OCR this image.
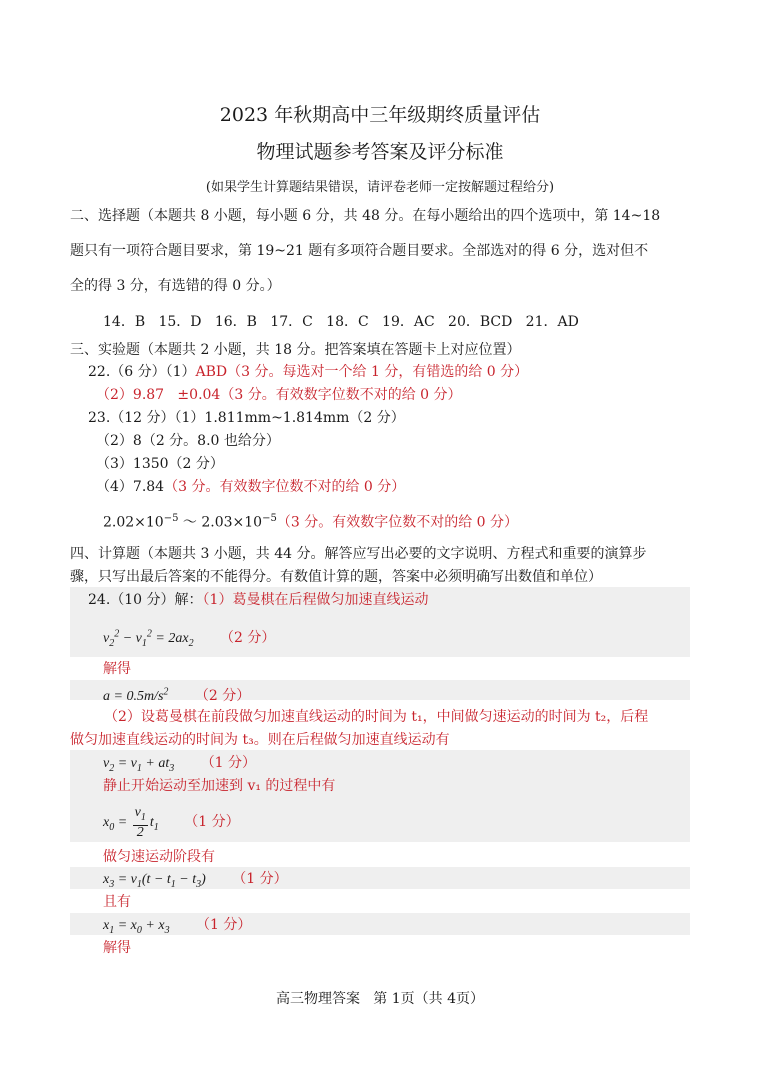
2023 年秋期高中三年级期终质量评估
物理试题参考答案及评分标准
(如果学生计算题结果错误，请评卷老师一定按解题过程给分)
二、选择题（本题共 8 小题，每小题 6 分，共 48 分。在每小题给出的四个选项中，第 14~18
题只有一项符合题目要求，第 19~21 题有多项符合题目要求。全部选对的得 6 分，选对但不
全的得 3 分，有选错的得 0 分。）
14．B   15．D   16．B   17．C   18．C   19．AC   20．BCD   21．AD
三、实验题（本题共 2 小题，共 18 分。把答案填在答题卡上对应位置）
22.（6 分）（1）ABD（3 分。每选对一个给 1 分，有错选的给 0 分）
（2）9.87   ±0.04（3 分。有效数字位数不对的给 0 分）
23.（12 分）（1）1.811mm~1.814mm（2 分）
（2）8（2 分。8.0 也给分）
（3）1350（2 分）
（4）7.84（3 分。有效数字位数不对的给 0 分）
$2.02\times 10^{-5}$ ～ $2.03\times 10^{-5}(3$ 分。有效数字位数不对的给 0 分）
四、计算题（本题共 3 小题，共 44 分。解答应写出必要的文字说明、方程式和重要的演算步
骤，只写出最后答案的不能得分。有数值计算的题，答案中必须明确写出数值和单位）
24.（10 分）解：（1）葛曼棋在后程做匀加速直线运动
$v_2^2 - v_1^2 = 2ax_2$ （2 分）
解得
$a = 0.5m/s^2$ （2 分）
（2）设葛曼棋在前段做匀加速直线运动的时间为 t₁，中间做匀速运动的时间为 t₂，后程
做匀加速直线运动的时间为 t₃。则在后程做匀加速直线运动有
$v_2 = v_1 + at_3$ （1 分）
静止开始运动至加速到 v₁ 的过程中有
$x_0 = \frac{v_1}{2} t_1$ （1 分）
做匀速运动阶段有
$x_3 = v_1(t - t_1 - t_3)$ （1 分）
且有
$x_1 = x_0 + x_3$ （1 分）
解得
高三物理答案   第 1页（共 4页）
